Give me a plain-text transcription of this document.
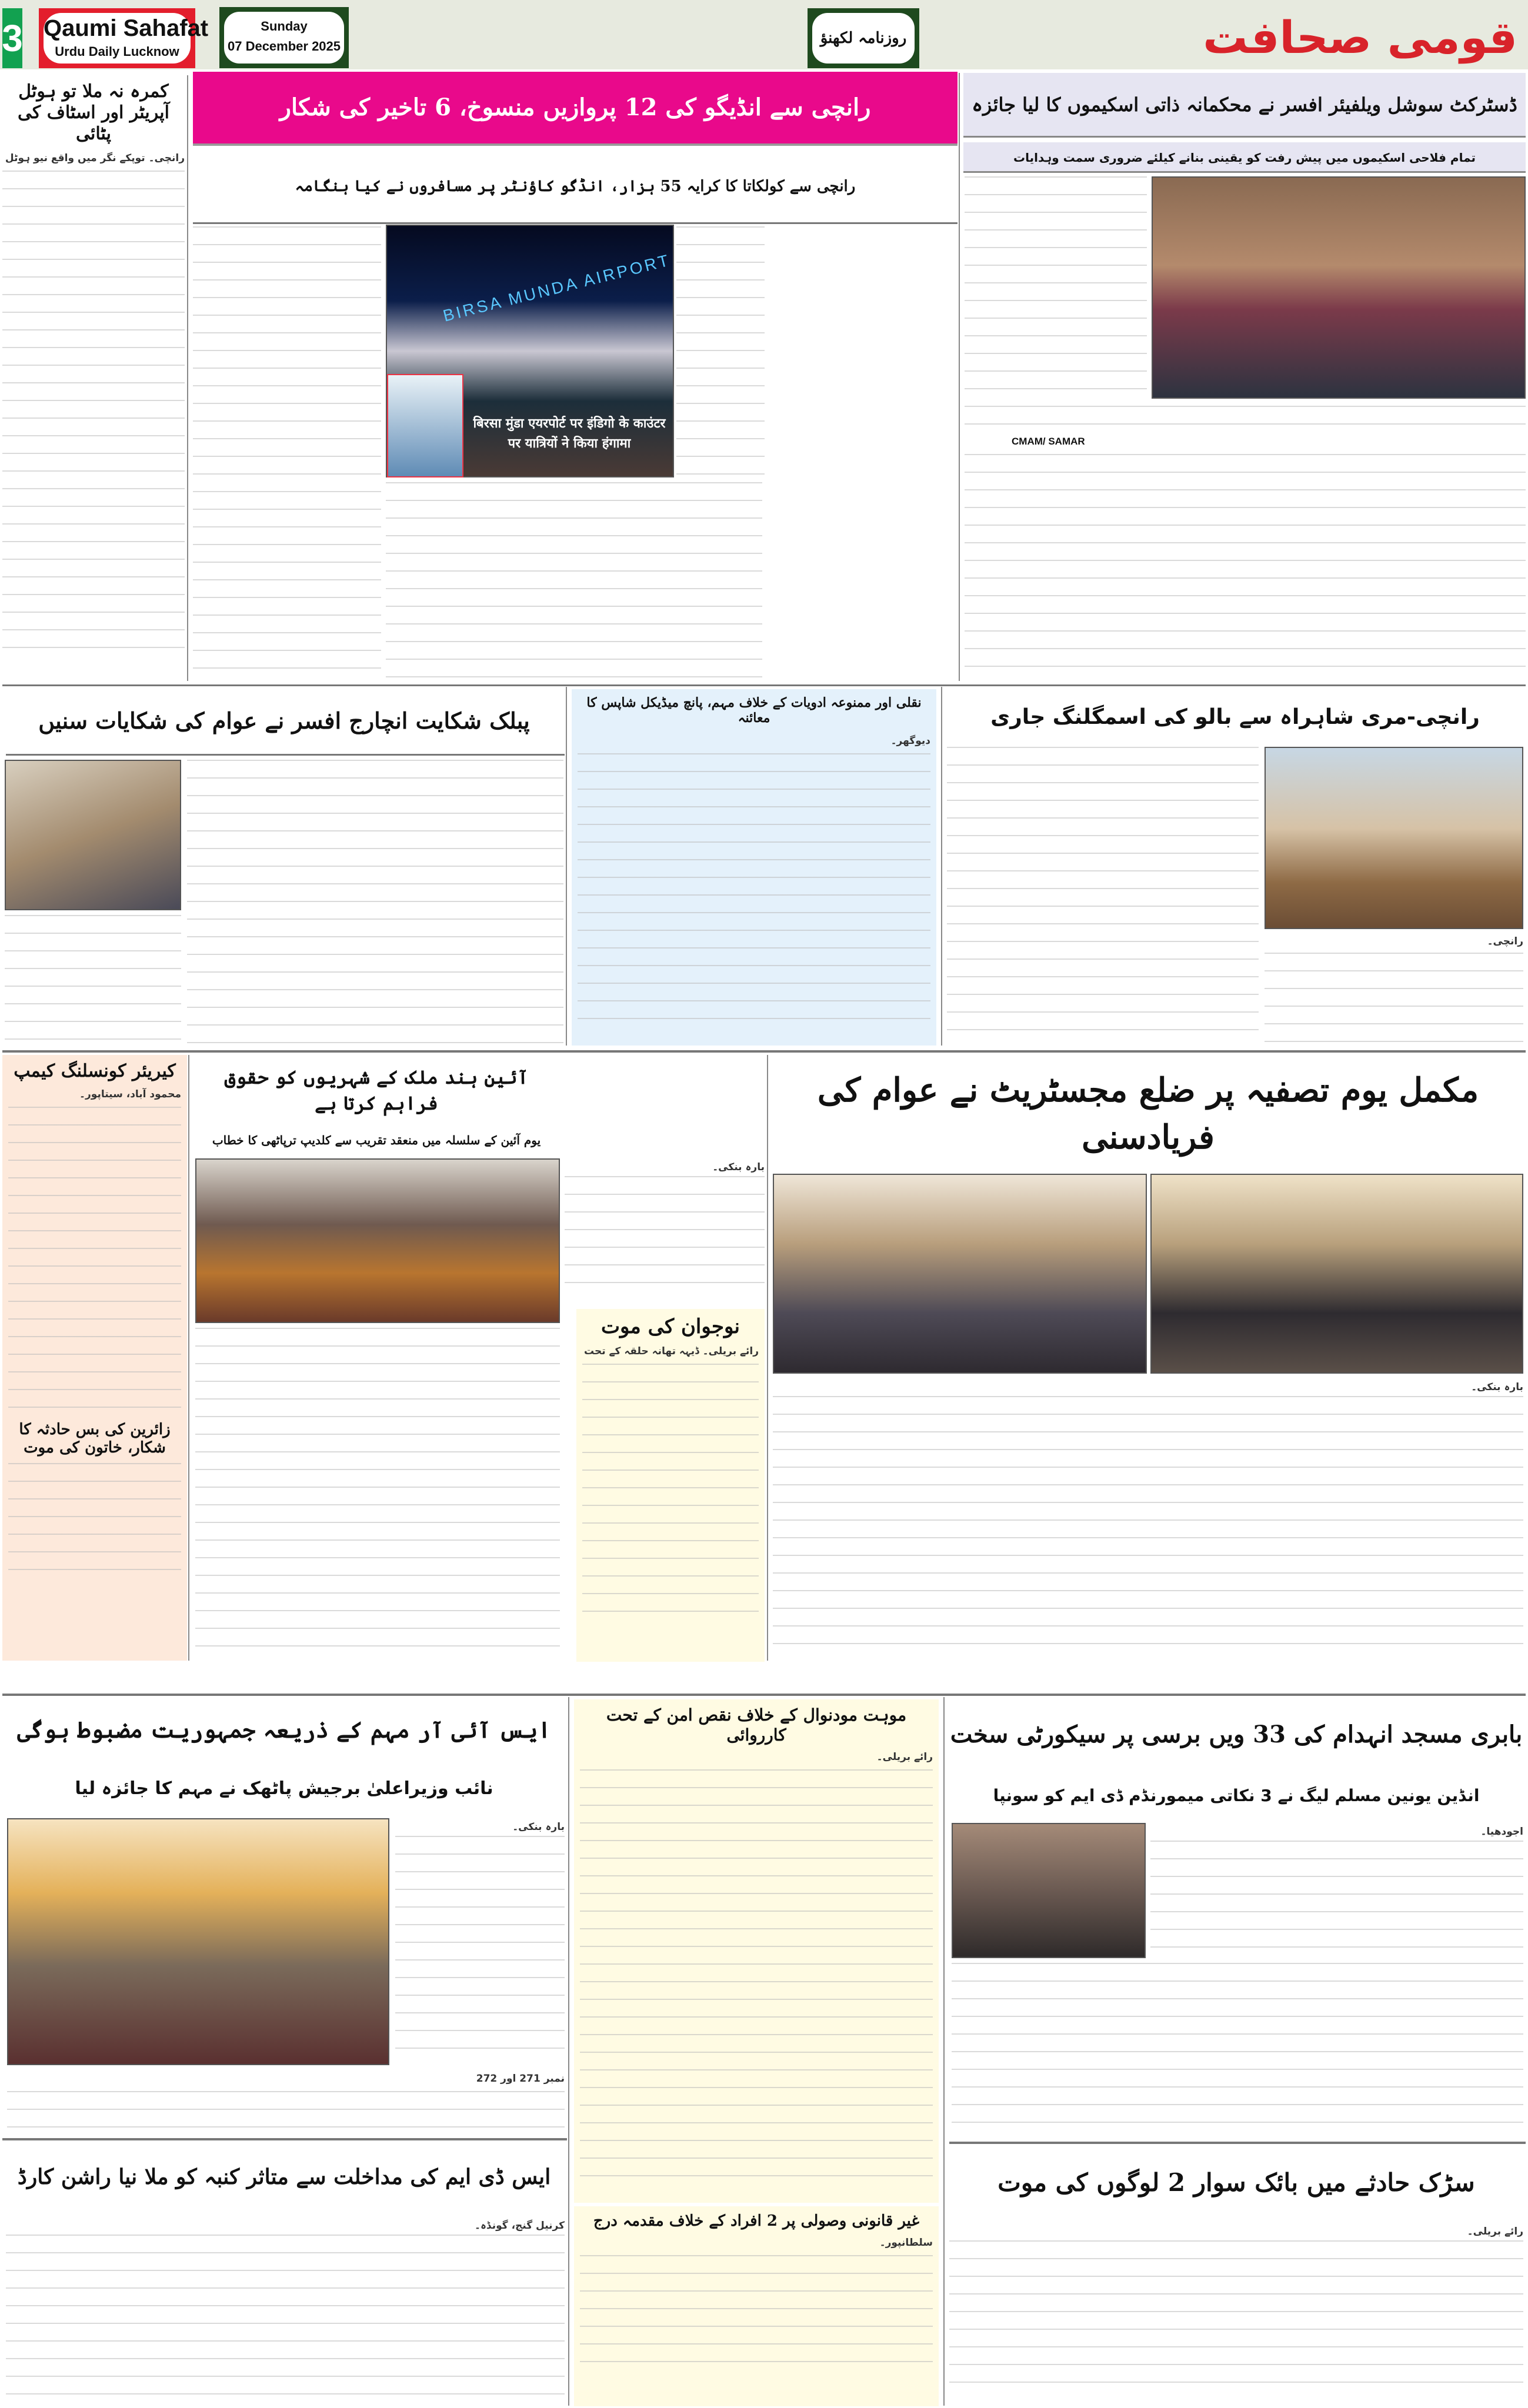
3 Qaumi Sahafat
Urdu Daily Lucknow
Sunday
07 December 2025	روزنامہ لکھنؤ	قومی صحافت
کمرہ نہ ملا تو ہوٹل آپریٹر اور اسٹاف کی پٹائی
رانچی۔ توپکے نگر میں واقع نیو ہوٹل
رانچی سے انڈیگو کی 12 پروازیں منسوخ، 6 تاخیر کی شکار
رانچی سے کولکاتا کا کرایہ 55 ہزار، انڈگو کاؤنٹر پر مسافروں نے کیا ہنگامہ
BIRSA MUNDA AIRPORT
बिरसा मुंडा एयरपोर्ट पर इंडिगो के काउंटर पर यात्रियों ने किया हंगामा
ڈسٹرکٹ سوشل ویلفیئر افسر نے محکمانہ ذاتی اسکیموں کا لیا جائزہ
تمام فلاحی اسکیموں میں پیش رفت کو یقینی بنانے کیلئے ضروری سمت وہدایات
CMAM/ SAMAR
پبلک شکایت انچارج افسر نے عوام کی شکایات سنیں
نقلی اور ممنوعہ ادویات کے خلاف مہم، پانچ میڈیکل شاپس کا معائنہ
دیوگھر۔
رانچی-مری شاہراہ سے بالو کی اسمگلنگ جاری
رانچی۔
کیریئر کونسلنگ کیمپ
محمود آباد، سیتاپور۔
زائرین کی بس حادثہ کا شکار، خاتون کی موت
آئین ہند ملک کے شہریوں کو حقوق فراہم کرتا ہے
یوم آئین کے سلسلہ میں منعقد تقریب سے کلدیپ ترپاٹھی کا خطاب
بارہ بنکی۔
نوجوان کی موت
رائے بریلی۔ ڈیہہ تھانہ حلقہ کے تحت
مکمل یوم تصفیہ پر ضلع مجسٹریٹ نے عوام کی فریادسنی
بارہ بنکی۔
ایس آئی آر مہم کے ذریعہ جمہوریت مضبوط ہوگی
نائب وزیراعلیٰ برجیش پاٹھک نے مہم کا جائزہ لیا
بارہ بنکی۔
نمبر 271 اور 272
موہت مودنوال کے خلاف نقص امن کے تحت کارروائی
رائے بریلی۔
بابری مسجد انہدام کی 33 ویں برسی پر سیکورٹی سخت
انڈین یونین مسلم لیگ نے 3 نکاتی میمورنڈم ڈی ایم کو سونپا
اجودھیا۔
ایس ڈی ایم کی مداخلت سے متاثر کنبہ کو ملا نیا راشن کارڈ
کرنیل گنج، گونڈہ۔	غیر قانونی وصولی پر 2 افراد کے خلاف مقدمہ درج
سلطانپور۔
سڑک حادثے میں بائک سوار 2 لوگوں کی موت
رائے بریلی۔
